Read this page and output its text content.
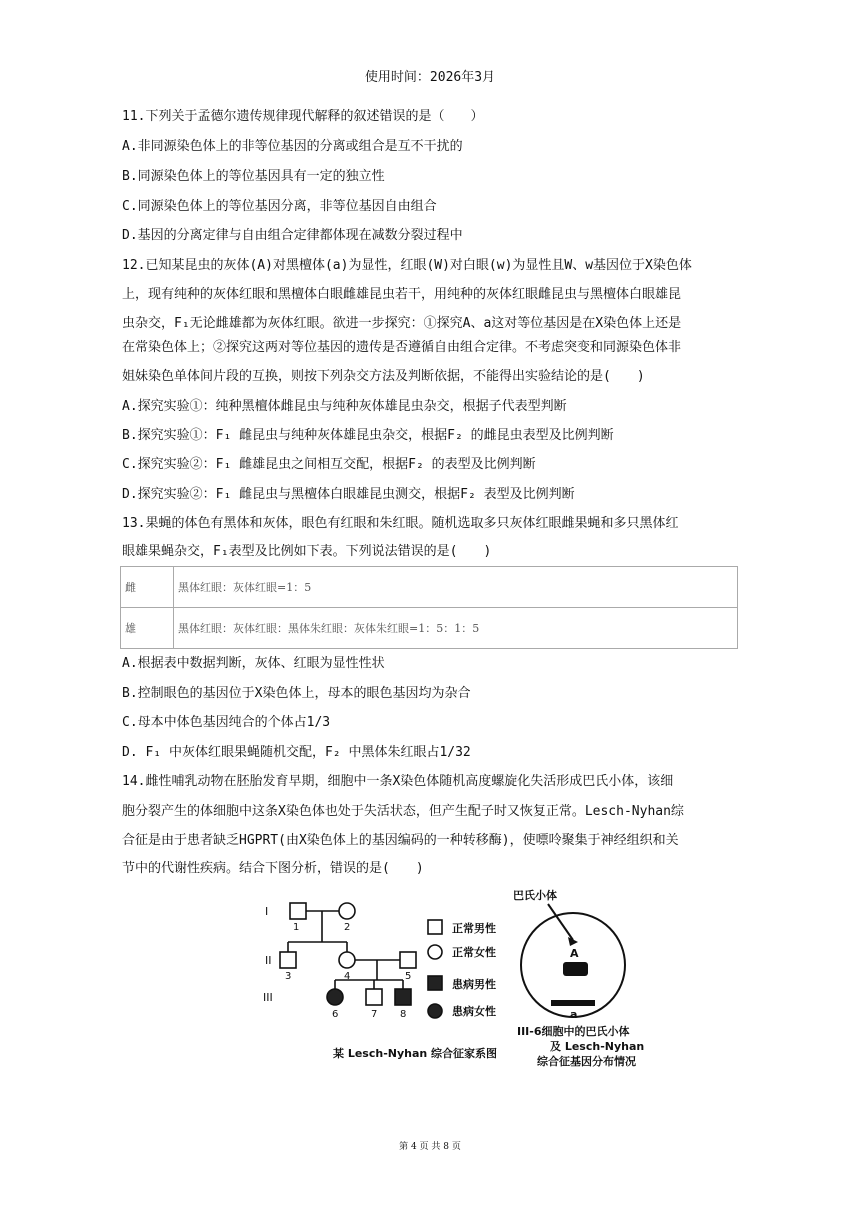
使用时间：2026年3月
11.下列关于孟德尔遗传规律现代解释的叙述错误的是（　　）
A.非同源染色体上的非等位基因的分离或组合是互不干扰的
B.同源染色体上的等位基因具有一定的独立性
C.同源染色体上的等位基因分离，非等位基因自由组合
D.基因的分离定律与自由组合定律都体现在减数分裂过程中
12.已知某昆虫的灰体(A)对黑檀体(a)为显性，红眼(W)对白眼(w)为显性且W、w基因位于X染色体
上，现有纯种的灰体红眼和黑檀体白眼雌雄昆虫若干，用纯种的灰体红眼雌昆虫与黑檀体白眼雄昆
虫杂交，F₁无论雌雄都为灰体红眼。欲进一步探究：①探究A、a这对等位基因是在X染色体上还是
在常染色体上；②探究这两对等位基因的遗传是否遵循自由组合定律。不考虑突变和同源染色体非
姐妹染色单体间片段的互换，则按下列杂交方法及判断依据，不能得出实验结论的是(　　)
A.探究实验①：纯种黑檀体雌昆虫与纯种灰体雄昆虫杂交，根据子代表型判断
B.探究实验①：F₁ 雌昆虫与纯种灰体雄昆虫杂交，根据F₂ 的雌昆虫表型及比例判断
C.探究实验②：F₁ 雌雄昆虫之间相互交配，根据F₂ 的表型及比例判断
D.探究实验②：F₁ 雌昆虫与黑檀体白眼雄昆虫测交，根据F₂ 表型及比例判断
13.果蝇的体色有黑体和灰体，眼色有红眼和朱红眼。随机选取多只灰体红眼雌果蝇和多只黑体红
眼雄果蝇杂交，F₁表型及比例如下表。下列说法错误的是(　　)
雌	黑体红眼：灰体红眼=1：5
雄	黑体红眼：灰体红眼：黑体朱红眼：灰体朱红眼=1：5：1：5
A.根据表中数据判断，灰体、红眼为显性性状
B.控制眼色的基因位于X染色体上，母本的眼色基因均为杂合
C.母本中体色基因纯合的个体占1/3
D. F₁ 中灰体红眼果蝇随机交配，F₂ 中黑体朱红眼占1/32
14.雌性哺乳动物在胚胎发育早期，细胞中一条X染色体随机高度螺旋化失活形成巴氏小体，该细
胞分裂产生的体细胞中这条X染色体也处于失活状态，但产生配子时又恢复正常。Lesch-Nyhan综
合征是由于患者缺乏HGPRT(由X染色体上的基因编码的一种转移酶)，使嘌呤聚集于神经组织和关
节中的代谢性疾病。结合下图分析，错误的是(　　)
I
II
III
1	2
3	4	5
6	7 8
正常男性
正常女性
患病男性
患病女性
某 Lesch-Nyhan 综合征家系图
巴氏小体
A
a
III-6细胞中的巴氏小体
及 Lesch-Nyhan
综合征基因分布情况
第 4 页 共 8 页
